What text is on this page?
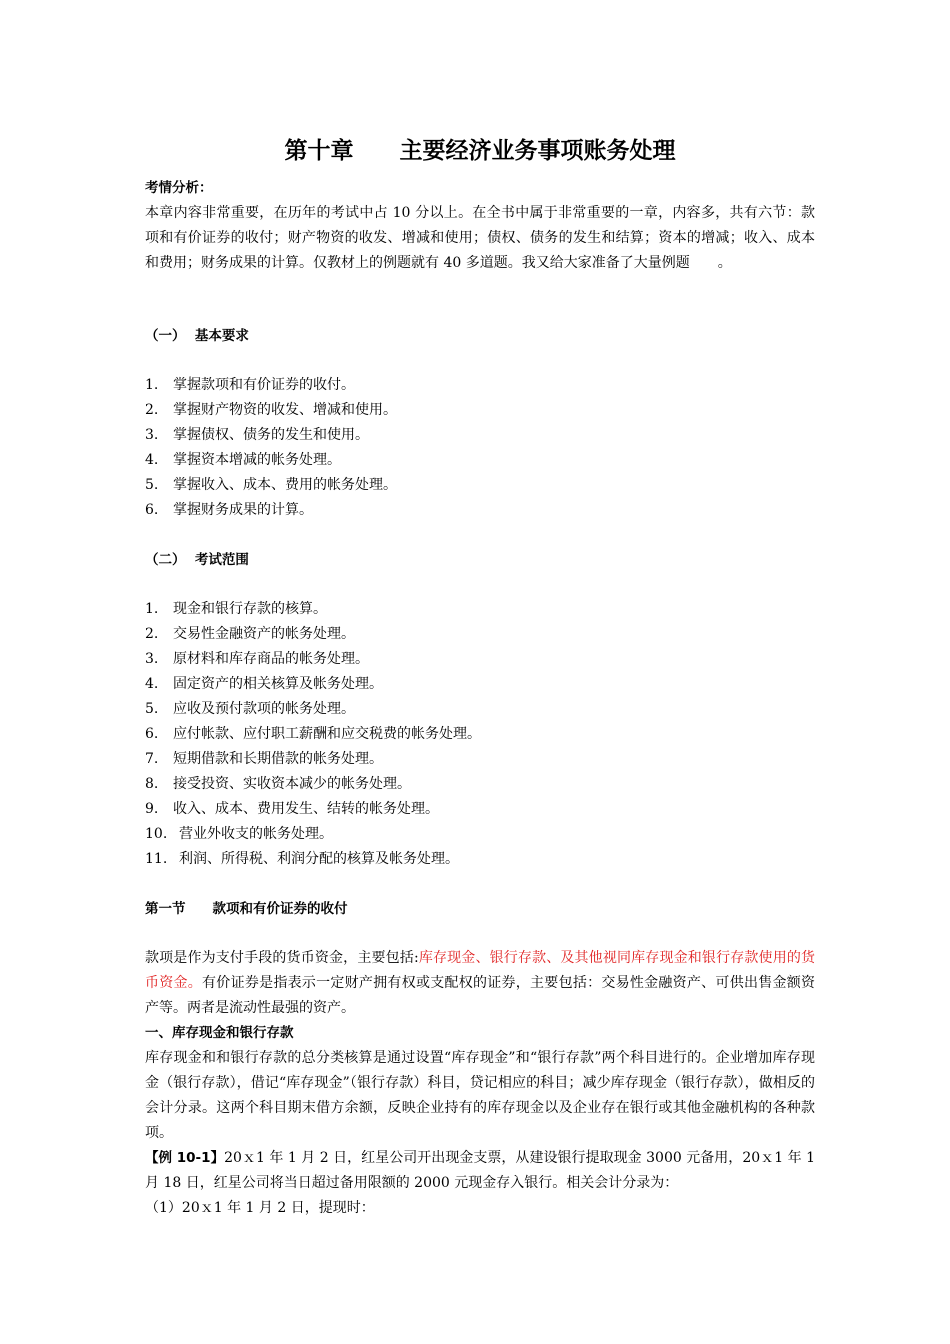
第十章　　主要经济业务事项账务处理
考情分析：
本章内容非常重要，在历年的考试中占 10 分以上。在全书中属于非常重要的一章，内容多，共有六节：款项和有价证券的收付；财产物资的收发、增减和使用；债权、债务的发生和结算；资本的增减；收入、成本和费用；财务成果的计算。仅教材上的例题就有 40 多道题。我又给大家准备了大量例题　　。
（一）  基本要求
1. 掌握款项和有价证券的收付。
2. 掌握财产物资的收发、增减和使用。
3. 掌握债权、债务的发生和使用。
4. 掌握资本增减的帐务处理。
5. 掌握收入、成本、费用的帐务处理。
6. 掌握财务成果的计算。
（二）  考试范围
1. 现金和银行存款的核算。
2. 交易性金融资产的帐务处理。
3. 原材料和库存商品的帐务处理。
4. 固定资产的相关核算及帐务处理。
5. 应收及预付款项的帐务处理。
6. 应付帐款、应付职工薪酬和应交税费的帐务处理。
7. 短期借款和长期借款的帐务处理。
8. 接受投资、实收资本减少的帐务处理。
9. 收入、成本、费用发生、结转的帐务处理。
10. 营业外收支的帐务处理。
11. 利润、所得税、利润分配的核算及帐务处理。
第一节　　款项和有价证券的收付
款项是作为支付手段的货币资金，主要包括:库存现金、银行存款、及其他视同库存现金和银行存款使用的货币资金。有价证券是指表示一定财产拥有权或支配权的证券，主要包括：交易性金融资产、可供出售金额资产等。两者是流动性最强的资产。
一、库存现金和银行存款
库存现金和和银行存款的总分类核算是通过设置“库存现金”和“银行存款”两个科目进行的。企业增加库存现金（银行存款），借记“库存现金”（银行存款）科目，贷记相应的科目；减少库存现金（银行存款），做相反的会计分录。这两个科目期末借方余额，反映企业持有的库存现金以及企业存在银行或其他金融机构的各种款项。
【例 10-1】20ｘ1 年 1 月 2 日，红星公司开出现金支票，从建设银行提取现金 3000 元备用，20ｘ1 年 1 月 18 日，红星公司将当日超过备用限额的 2000 元现金存入银行。相关会计分录为：
（1）20ｘ1 年 1 月 2 日，提现时：
